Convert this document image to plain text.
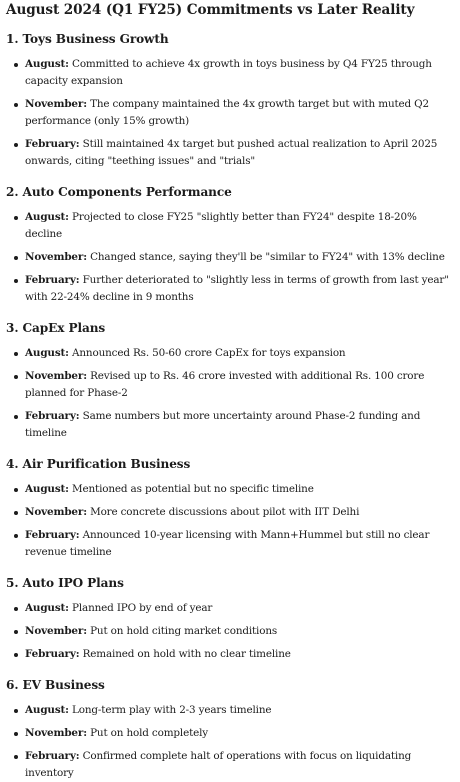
August 2024 (Q1 FY25) Commitments vs Later Reality
1. Toys Business Growth
August: Committed to achieve 4x growth in toys business by Q4 FY25 through capacity expansion
November: The company maintained the 4x growth target but with muted Q2 performance (only 15% growth)
February: Still maintained 4x target but pushed actual realization to April 2025 onwards, citing "teething issues" and "trials"
2. Auto Components Performance
August: Projected to close FY25 "slightly better than FY24" despite 18-20% decline
November: Changed stance, saying they'll be "similar to FY24" with 13% decline
February: Further deteriorated to "slightly less in terms of growth from last year" with 22-24% decline in 9 months
3. CapEx Plans
August: Announced Rs. 50-60 crore CapEx for toys expansion
November: Revised up to Rs. 46 crore invested with additional Rs. 100 crore planned for Phase-2
February: Same numbers but more uncertainty around Phase-2 funding and timeline
4. Air Purification Business
August: Mentioned as potential but no specific timeline
November: More concrete discussions about pilot with IIT Delhi
February: Announced 10-year licensing with Mann+Hummel but still no clear revenue timeline
5. Auto IPO Plans
August: Planned IPO by end of year
November: Put on hold citing market conditions
February: Remained on hold with no clear timeline
6. EV Business
August: Long-term play with 2-3 years timeline
November: Put on hold completely
February: Confirmed complete halt of operations with focus on liquidating inventory
